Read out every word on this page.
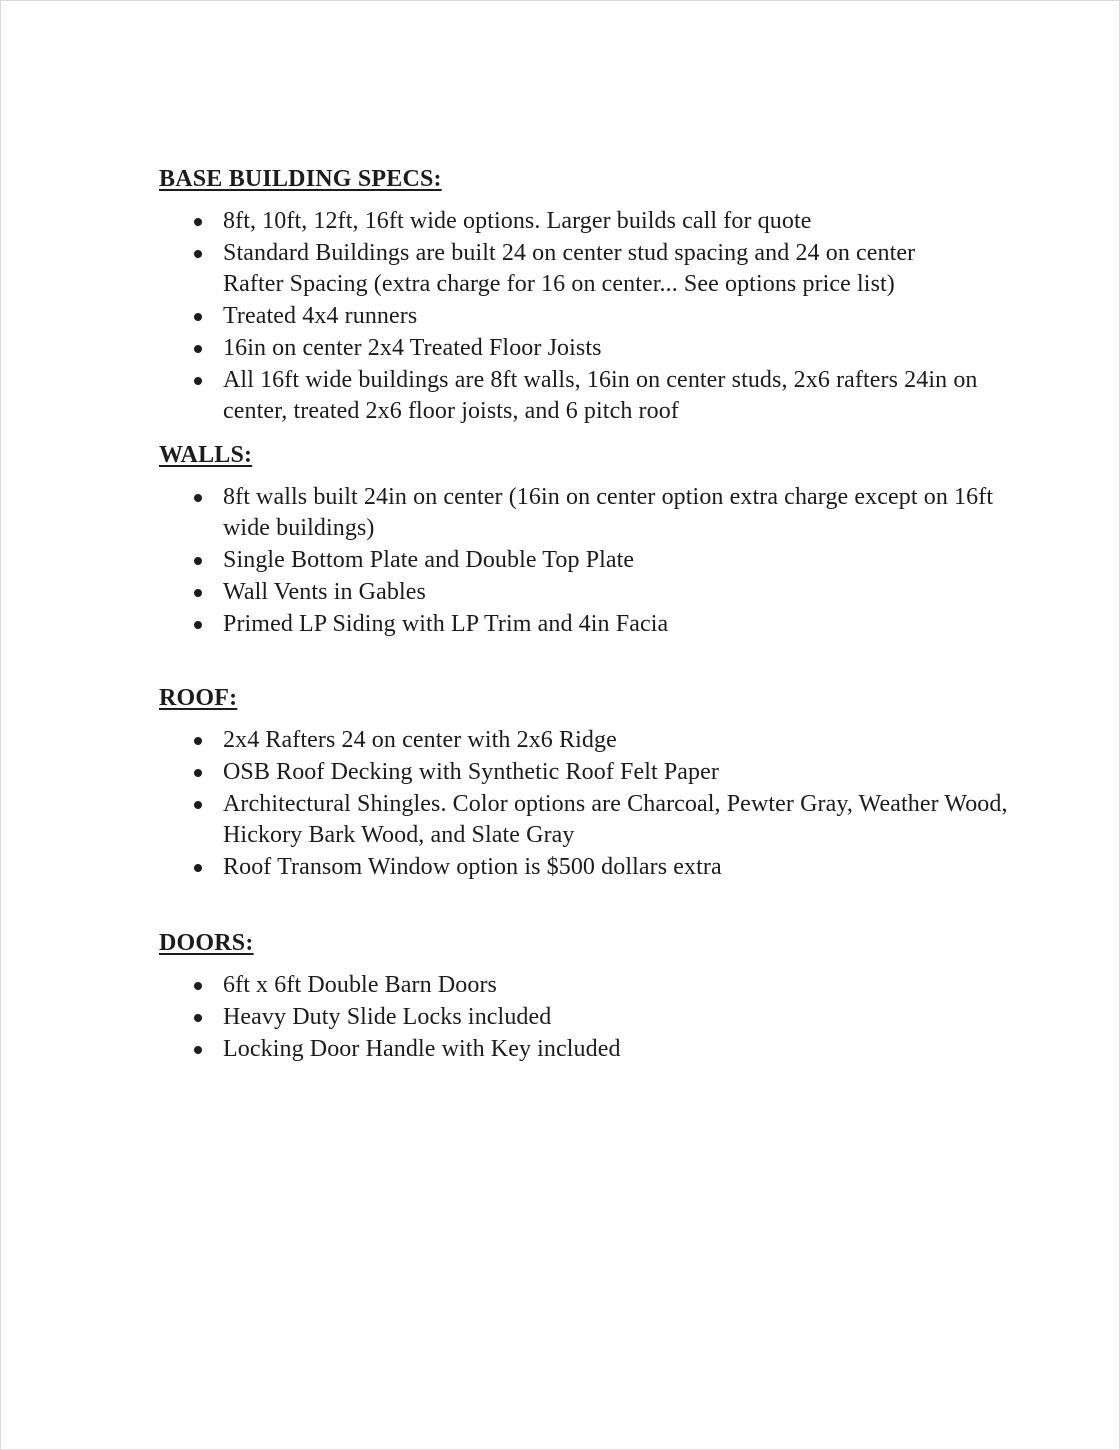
BASE BUILDING SPECS:
8ft, 10ft, 12ft, 16ft wide options. Larger builds call for quote
Standard Buildings are built 24 on center stud spacing and 24 on center Rafter Spacing (extra charge for 16 on center... See options price list)
Treated 4x4 runners
16in on center 2x4 Treated Floor Joists
All 16ft wide buildings are 8ft walls, 16in on center studs, 2x6 rafters 24in on center, treated 2x6 floor joists, and 6 pitch roof
WALLS:
8ft walls built 24in on center (16in on center option extra charge except on 16ft wide buildings)
Single Bottom Plate and Double Top Plate
Wall Vents in Gables
Primed LP Siding with LP Trim and 4in Facia
ROOF:
2x4 Rafters 24 on center with 2x6 Ridge
OSB Roof Decking with Synthetic Roof Felt Paper
Architectural Shingles. Color options are Charcoal, Pewter Gray, Weather Wood, Hickory Bark Wood, and Slate Gray
Roof Transom Window option is $500 dollars extra
DOORS:
6ft x 6ft Double Barn Doors
Heavy Duty Slide Locks included
Locking Door Handle with Key included
